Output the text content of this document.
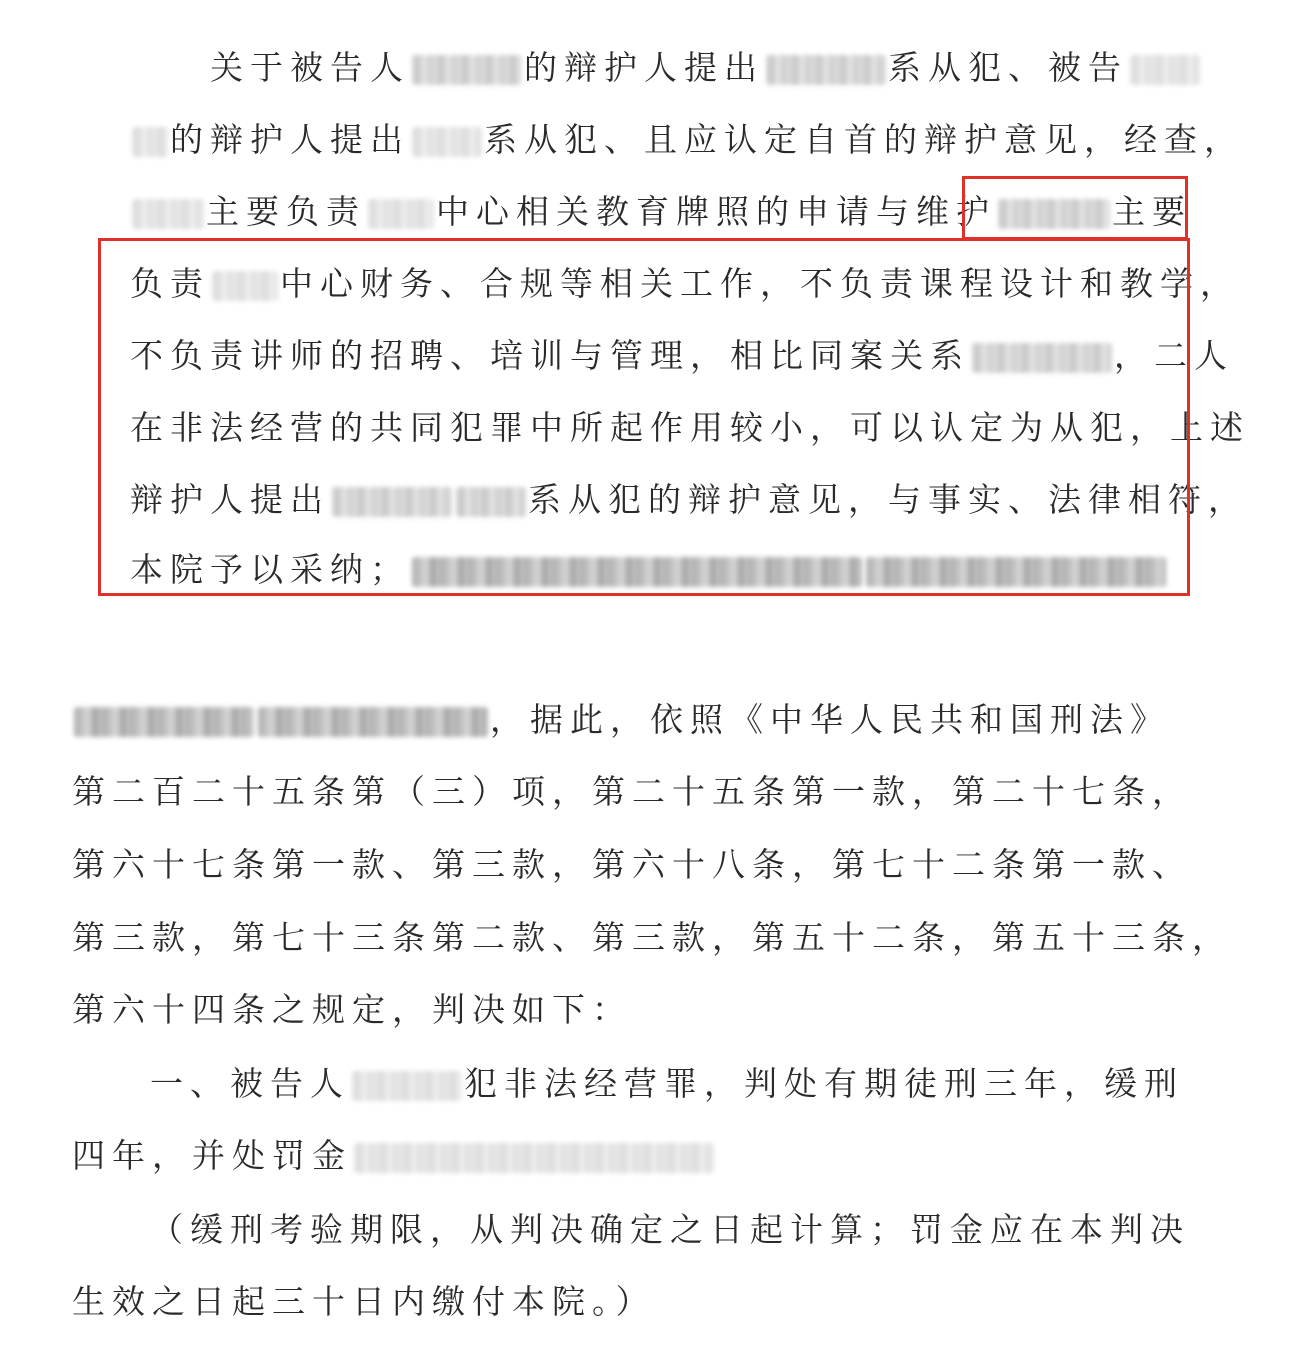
关于被告人	的辩护人提出	系从犯、被告
的辩护人提出 系从犯、且应认定自首的辩护意见，经查，
主要负责 中心相关教育牌照的申请与维护	主要
负责 中心财务、合规等相关工作，不负责课程设计和教学，
不负责讲师的招聘、培训与管理，相比同案关系	，二人
在非法经营的共同犯罪中所起作用较小，可以认定为从犯，上述
辩护人提出	系从犯的辩护意见，与事实、法律相符，
本院予以采纳；
，据此，依照《中华人民共和国刑法》
第二百二十五条第（三）项，第二十五条第一款，第二十七条，
第六十七条第一款、第三款，第六十八条，第七十二条第一款、
第三款，第七十三条第二款、第三款，第五十二条，第五十三条，
第六十四条之规定，判决如下：
一、被告人	犯非法经营罪，判处有期徒刑三年，缓刑
四年，并处罚金
（缓刑考验期限，从判决确定之日起计算；罚金应在本判决
生效之日起三十日内缴付本院。）
